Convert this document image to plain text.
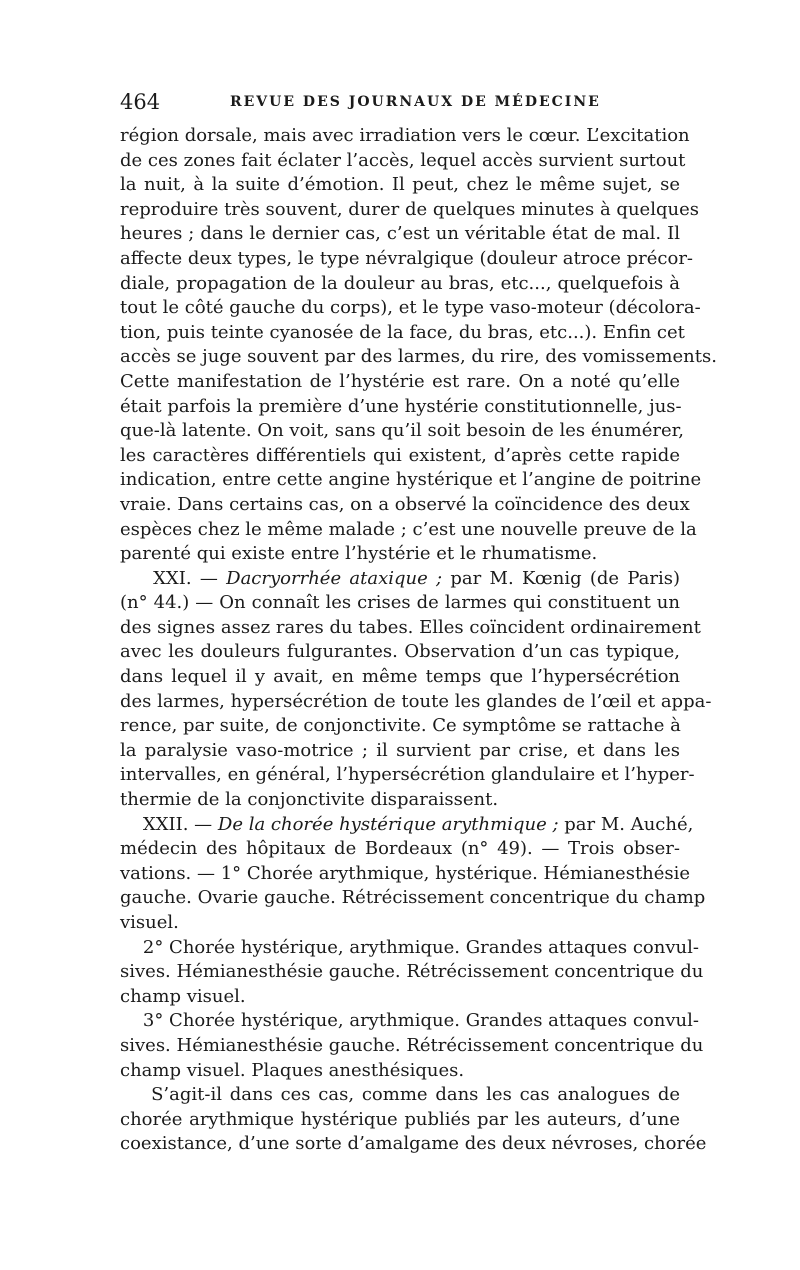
464	REVUE DES JOURNAUX DE MÉDECINE
région dorsale, mais avec irradiation vers le cœur. L’excitation
de ces zones fait éclater l’accès, lequel accès survient surtout
la nuit, à la suite d’émotion. Il peut, chez le même sujet, se
reproduire très souvent, durer de quelques minutes à quelques
heures ; dans le dernier cas, c’est un véritable état de mal. Il
affecte deux types, le type névralgique (douleur atroce précor-
diale, propagation de la douleur au bras, etc..., quelquefois à
tout le côté gauche du corps), et le type vaso-moteur (décolora-
tion, puis teinte cyanosée de la face, du bras, etc...). Enfin cet
accès se juge souvent par des larmes, du rire, des vomissements.
Cette manifestation de l’hystérie est rare. On a noté qu’elle
était parfois la première d’une hystérie constitutionnelle, jus-
que-là latente. On voit, sans qu’il soit besoin de les énumérer,
les caractères différentiels qui existent, d’après cette rapide
indication, entre cette angine hystérique et l’angine de poitrine
vraie. Dans certains cas, on a observé la coïncidence des deux
espèces chez le même malade ; c’est une nouvelle preuve de la
parenté qui existe entre l’hystérie et le rhumatisme.
XXI. — Dacryorrhée ataxique ; par M. Kœnig (de Paris)
(n° 44.) — On connaît les crises de larmes qui constituent un
des signes assez rares du tabes. Elles coïncident ordinairement
avec les douleurs fulgurantes. Observation d’un cas typique,
dans lequel il y avait, en même temps que l’hypersécrétion
des larmes, hypersécrétion de toute les glandes de l’œil et appa-
rence, par suite, de conjonctivite. Ce symptôme se rattache à
la paralysie vaso-motrice ; il survient par crise, et dans les
intervalles, en général, l’hypersécrétion glandulaire et l’hyper-
thermie de la conjonctivite disparaissent.
XXII. — De la chorée hystérique arythmique ; par M. Auché,
médecin des hôpitaux de Bordeaux (n° 49). — Trois obser-
vations. — 1° Chorée arythmique, hystérique. Hémianesthésie
gauche. Ovarie gauche. Rétrécissement concentrique du champ
visuel.
2° Chorée hystérique, arythmique. Grandes attaques convul-
sives. Hémianesthésie gauche. Rétrécissement concentrique du
champ visuel.
3° Chorée hystérique, arythmique. Grandes attaques convul-
sives. Hémianesthésie gauche. Rétrécissement concentrique du
champ visuel. Plaques anesthésiques.
S’agit-il dans ces cas, comme dans les cas analogues de
chorée arythmique hystérique publiés par les auteurs, d’une
coexistance, d’une sorte d’amalgame des deux névroses, chorée
